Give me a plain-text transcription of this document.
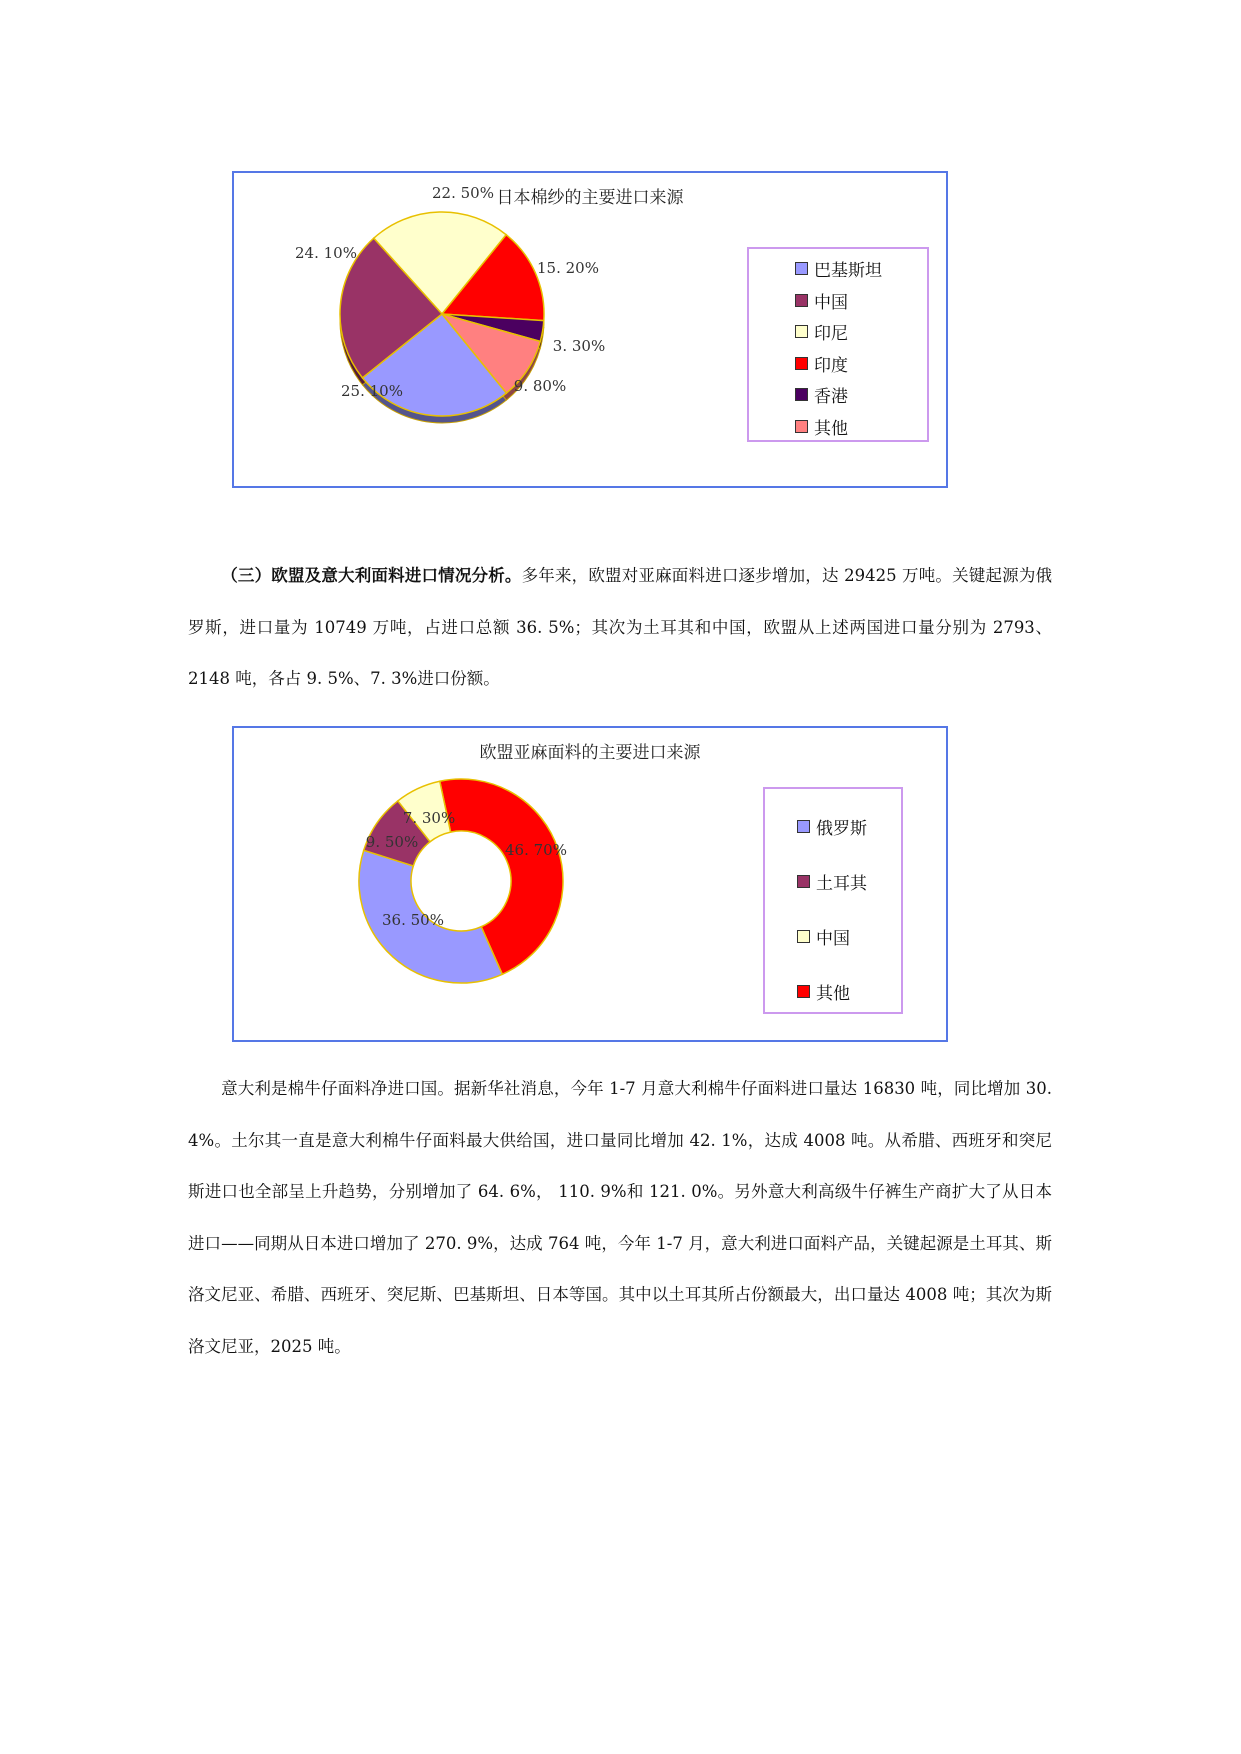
日本棉纱的主要进口来源
25. 10%
24. 10%
22. 50%
15. 20%
3. 30%
9. 80%
巴基斯坦
中国
印尼
印度
香港
其他

  （三）欧盟及意大利面料进口情况分析。多年来，欧盟对亚麻面料进口逐步增加，达 29425 万吨。关键起源为俄罗斯，进口量为 10749 万吨，占进口总额 36. 5%；其次为土耳其和中国，欧盟从上述两国进口量分别为 2793、2148 吨，各占 9. 5%、7. 3%进口份额。

欧盟亚麻面料的主要进口来源
36. 50%
9. 50%
7. 30%
46. 70%
俄罗斯
土耳其
中国
其他

  意大利是棉牛仔面料净进口国。据新华社消息，今年 1-7 月意大利棉牛仔面料进口量达 16830 吨，同比增加 30. 4%。土尔其一直是意大利棉牛仔面料最大供给国，进口量同比增加 42. 1%，达成 4008 吨。从希腊、西班牙和突尼斯进口也全部呈上升趋势，分别增加了 64. 6%， 110. 9%和 121. 0%。另外意大利高级牛仔裤生产商扩大了从日本进口——同期从日本进口增加了 270. 9%，达成 764 吨，今年 1-7 月，意大利进口面料产品，关键起源是土耳其、斯洛文尼亚、希腊、西班牙、突尼斯、巴基斯坦、日本等国。其中以土耳其所占份额最大，出口量达 4008 吨；其次为斯洛文尼亚，2025 吨。
